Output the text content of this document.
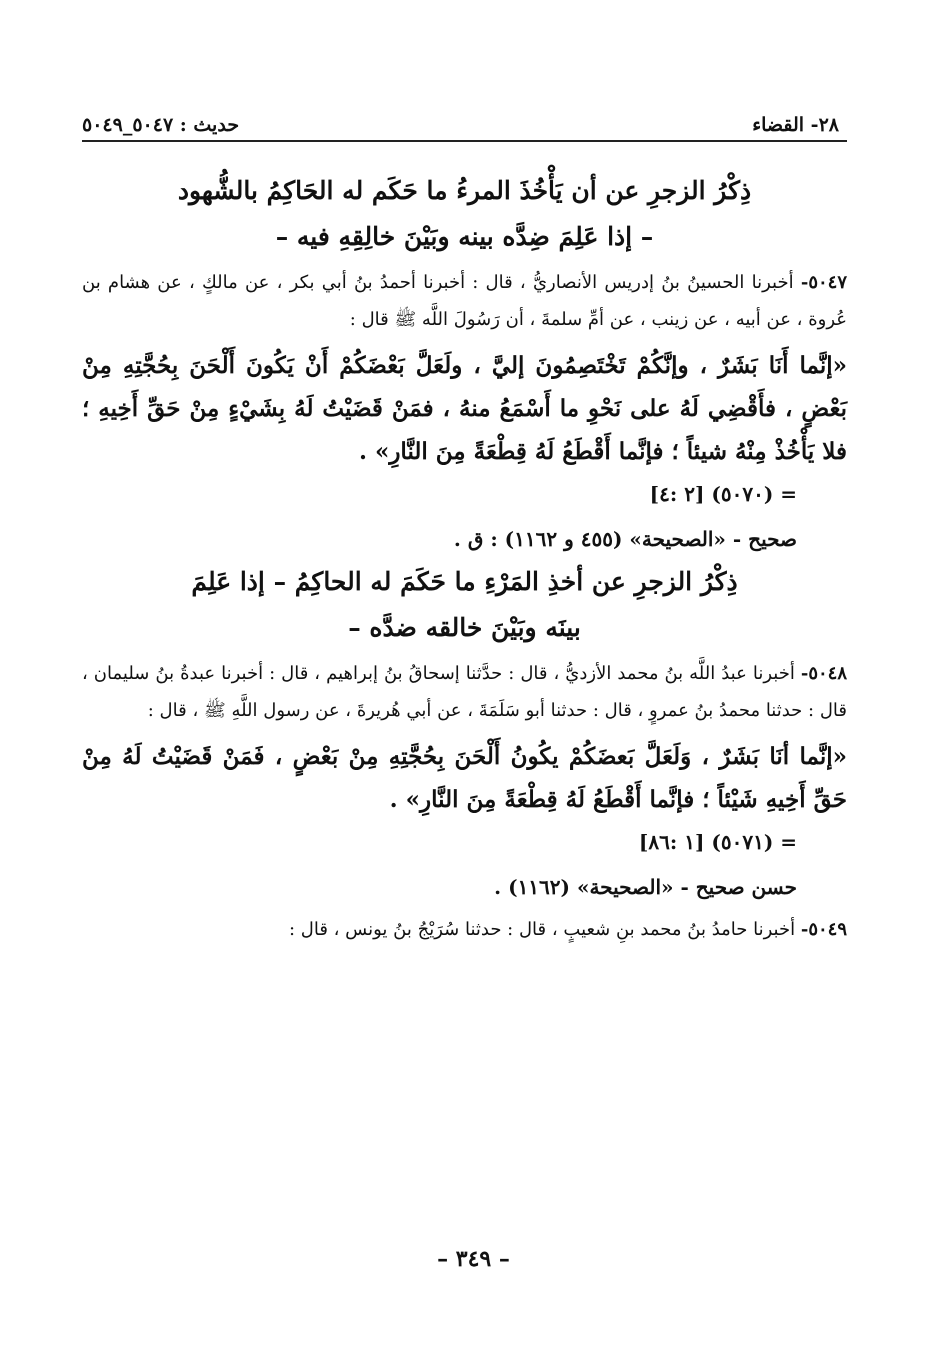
٢٨- القضاء
حديث : ٥٠٤٧_٥٠٤٩

ذِكْرُ الزجرِ عن أن يَأْخُذَ المرءُ ما حَكَم له الحَاكِمُ بالشُّهود

– إذا عَلِمَ ضِدَّه بينه وبَيْنَ خالِقِهِ فيه –

٥٠٤٧- أخبرنا الحسينُ بنُ إدريس الأنصاريُّ ، قال : أخبرنا أحمدُ بنُ أبي بكر ، عن مالكٍ ، عن هشام بن عُروة ، عن أبيه ، عن زينب ، عن أمِّ سلمةَ ، أن رَسُولَ اللَّه ﷺ قال :

«إنَّما أَنَا بَشَرٌ ، وإنَّكُمْ تَخْتَصِمُونَ إليَّ ، ولَعَلَّ بَعْضَكُمْ أَنْ يَكُونَ أَلْحَنَ بِحُجَّتِهِ مِنْ بَعْضٍ ، فأَقْضِي لَهُ على نَحْوِ ما أَسْمَعُ منهُ ، فمَنْ قَضَيْتُ لَهُ بِشَيْءٍ مِنْ حَقِّ أَخِيهِ ؛ فلا يَأْخُذْ مِنْهُ شيئاً ؛ فإنَّما أَقْطَعُ لَهُ قِطْعَةً مِنَ النَّارِ» .

= (٥٠٧٠) [٢ :٤]

صحيح - «الصحيحة» (٤٥٥ و ١١٦٢) : ق .

ذِكْرُ الزجرِ عن أخذِ المَرْءِ ما حَكَمَ له الحاكِمُ – إذا عَلِمَ

بينَه وبَيْنَ خالقه ضدَّه –

٥٠٤٨- أخبرنا عبدُ اللَّه بنُ محمد الأزديُّ ، قال : حدَّثنا إسحاقُ بنُ إبراهيم ، قال : أخبرنا عبدةُ بنُ سليمان ، قال : حدثنا محمدُ بنُ عمروٍ ، قال : حدثنا أبو سَلَمَةَ ، عن أبي هُريرةَ ، عن رسول اللَّهِ ﷺ ، قال :

«إنَّما أنَا بَشَرٌ ، وَلَعَلَّ بَعضَكُمْ يكُونُ أَلْحَنَ بِحُجَّتِهِ مِنْ بَعْضٍ ، فَمَنْ قَضَيْتُ لَهُ مِنْ حَقِّ أَخِيهِ شَيْئاً ؛ فإنَّما أَقْطَعُ لَهُ قِطْعَةً مِنَ النَّارِ» .

= (٥٠٧١) [١ :٨٦]

حسن صحيح - «الصحيحة» (١١٦٢) .

٥٠٤٩- أخبرنا حامدُ بنُ محمد بنِ شعيبٍ ، قال : حدثنا سُرَيْجُ بنُ يونس ، قال :

– ٣٤٩ –
